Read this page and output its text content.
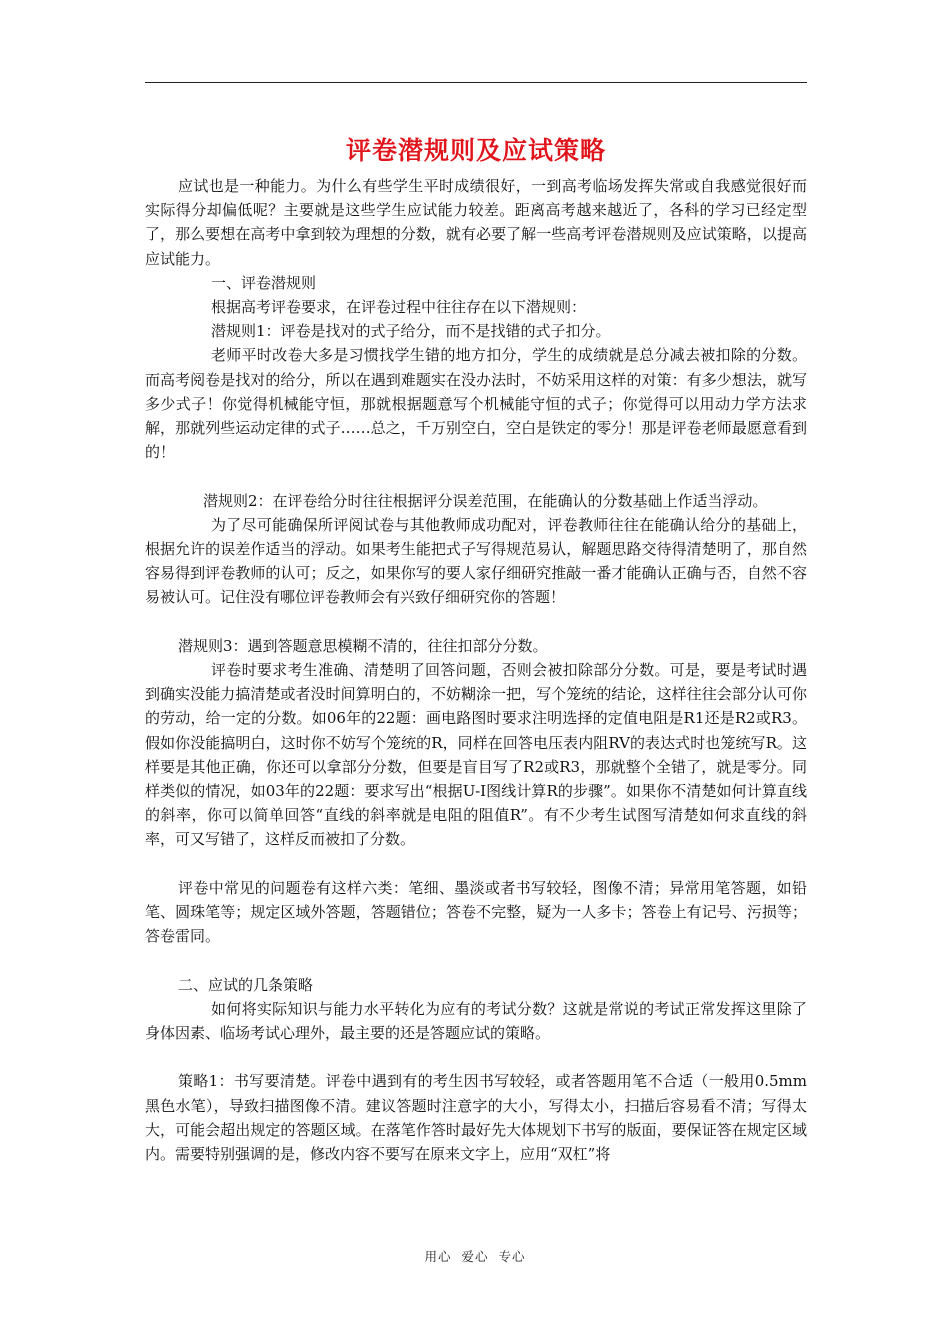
评卷潜规则及应试策略

应试也是一种能力。为什么有些学生平时成绩很好，一到高考临场发挥失常或自我感觉很好而实际得分却偏低呢？主要就是这些学生应试能力较差。距离高考越来越近了，各科的学习已经定型了，那么要想在高考中拿到较为理想的分数，就有必要了解一些高考评卷潜规则及应试策略，以提高应试能力。

一、评卷潜规则

根据高考评卷要求，在评卷过程中往往存在以下潜规则：

潜规则1：评卷是找对的式子给分，而不是找错的式子扣分。

老师平时改卷大多是习惯找学生错的地方扣分，学生的成绩就是总分减去被扣除的分数。而高考阅卷是找对的给分，所以在遇到难题实在没办法时，不妨采用这样的对策：有多少想法，就写多少式子！你觉得机械能守恒，那就根据题意写个机械能守恒的式子；你觉得可以用动力学方法求解，那就列些运动定律的式子……总之，千万别空白，空白是铁定的零分！那是评卷老师最愿意看到的！

潜规则2：在评卷给分时往往根据评分误差范围，在能确认的分数基础上作适当浮动。

为了尽可能确保所评阅试卷与其他教师成功配对，评卷教师往往在能确认给分的基础上，根据允许的误差作适当的浮动。如果考生能把式子写得规范易认，解题思路交待得清楚明了，那自然容易得到评卷教师的认可；反之，如果你写的要人家仔细研究推敲一番才能确认正确与否，自然不容易被认可。记住没有哪位评卷教师会有兴致仔细研究你的答题！

潜规则3：遇到答题意思模糊不清的，往往扣部分分数。

评卷时要求考生准确、清楚明了回答问题，否则会被扣除部分分数。可是，要是考试时遇到确实没能力搞清楚或者没时间算明白的，不妨糊涂一把，写个笼统的结论，这样往往会部分认可你的劳动，给一定的分数。如06年的22题：画电路图时要求注明选择的定值电阻是R1还是R2或R3。假如你没能搞明白，这时你不妨写个笼统的R，同样在回答电压表内阻RV的表达式时也笼统写R。这样要是其他正确，你还可以拿部分分数，但要是盲目写了R2或R3，那就整个全错了，就是零分。同样类似的情况，如03年的22题：要求写出“根据U-I图线计算R的步骤”。如果你不清楚如何计算直线的斜率，你可以简单回答“直线的斜率就是电阻的阻值R”。有不少考生试图写清楚如何求直线的斜率，可又写错了，这样反而被扣了分数。

评卷中常见的问题卷有这样六类：笔细、墨淡或者书写较轻，图像不清；异常用笔答题，如铅笔、圆珠笔等；规定区域外答题，答题错位；答卷不完整，疑为一人多卡；答卷上有记号、污损等；答卷雷同。

二、应试的几条策略

如何将实际知识与能力水平转化为应有的考试分数？这就是常说的考试正常发挥这里除了身体因素、临场考试心理外，最主要的还是答题应试的策略。

策略1：书写要清楚。评卷中遇到有的考生因书写较轻，或者答题用笔不合适（一般用0.5mm黑色水笔），导致扫描图像不清。建议答题时注意字的大小，写得太小，扫描后容易看不清；写得太大，可能会超出规定的答题区域。在落笔作答时最好先大体规划下书写的版面，要保证答在规定区域内。需要特别强调的是，修改内容不要写在原来文字上，应用“双杠”将

用心  爱心  专心
